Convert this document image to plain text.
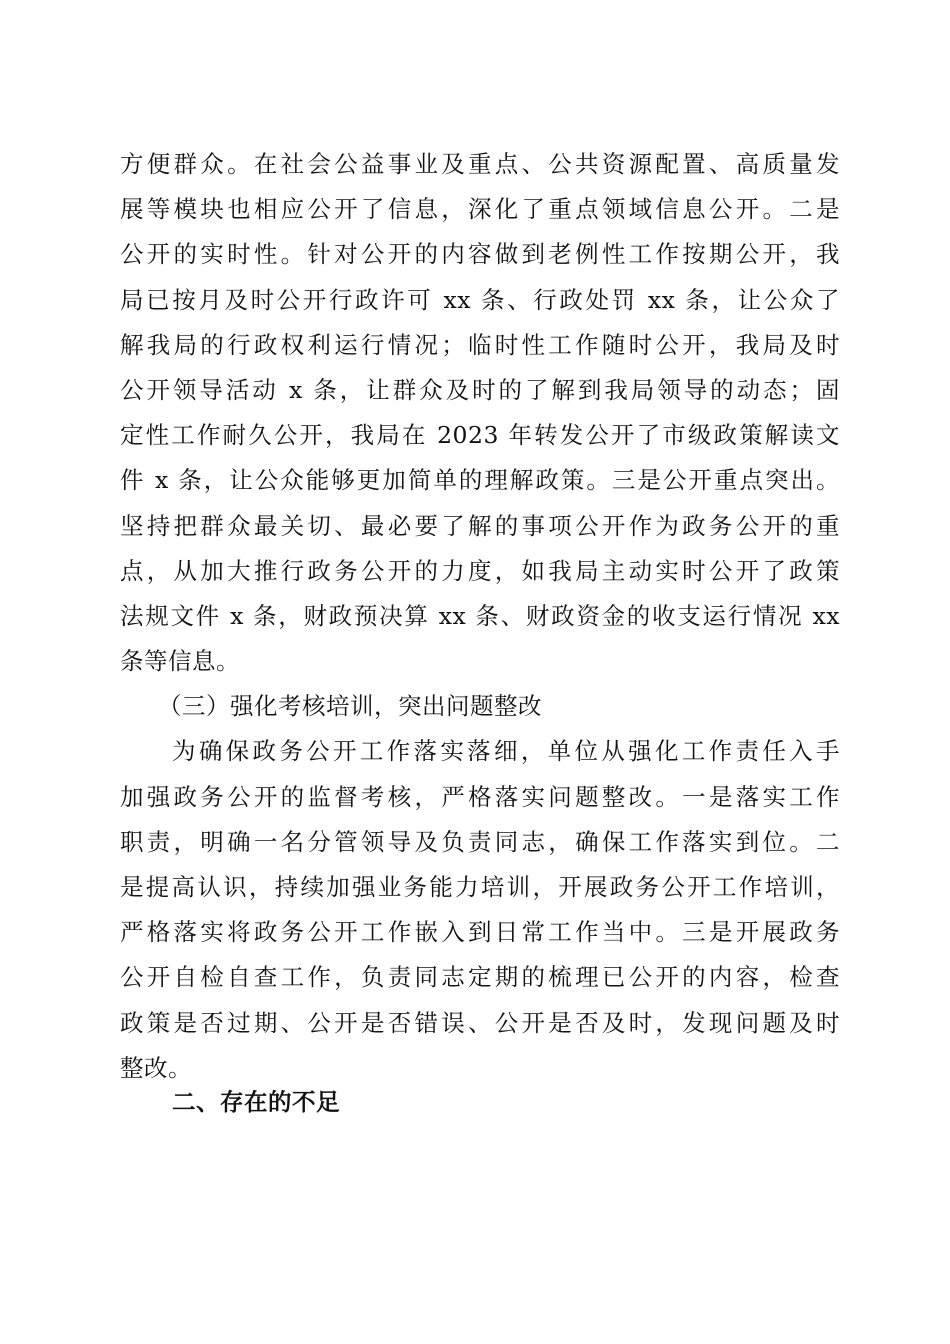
方便群众。在社会公益事业及重点、公共资源配置、高质量发
展等模块也相应公开了信息，深化了重点领域信息公开。二是
公开的实时性。针对公开的内容做到老例性工作按期公开，我
局已按月及时公开行政许可 xx 条、行政处罚 xx 条，让公众了
解我局的行政权利运行情况；临时性工作随时公开，我局及时
公开领导活动 x 条，让群众及时的了解到我局领导的动态；固
定性工作耐久公开，我局在 2023 年转发公开了市级政策解读文
件 x 条，让公众能够更加简单的理解政策。三是公开重点突出。
坚持把群众最关切、最必要了解的事项公开作为政务公开的重
点，从加大推行政务公开的力度，如我局主动实时公开了政策
法规文件 x 条，财政预决算 xx 条、财政资金的收支运行情况 xx
条等信息。
（三）强化考核培训，突出问题整改
为确保政务公开工作落实落细，单位从强化工作责任入手
加强政务公开的监督考核，严格落实问题整改。一是落实工作
职责，明确一名分管领导及负责同志，确保工作落实到位。二
是提高认识，持续加强业务能力培训，开展政务公开工作培训，
严格落实将政务公开工作嵌入到日常工作当中。三是开展政务
公开自检自查工作，负责同志定期的梳理已公开的内容，检查
政策是否过期、公开是否错误、公开是否及时，发现问题及时
整改。
二、存在的不足
